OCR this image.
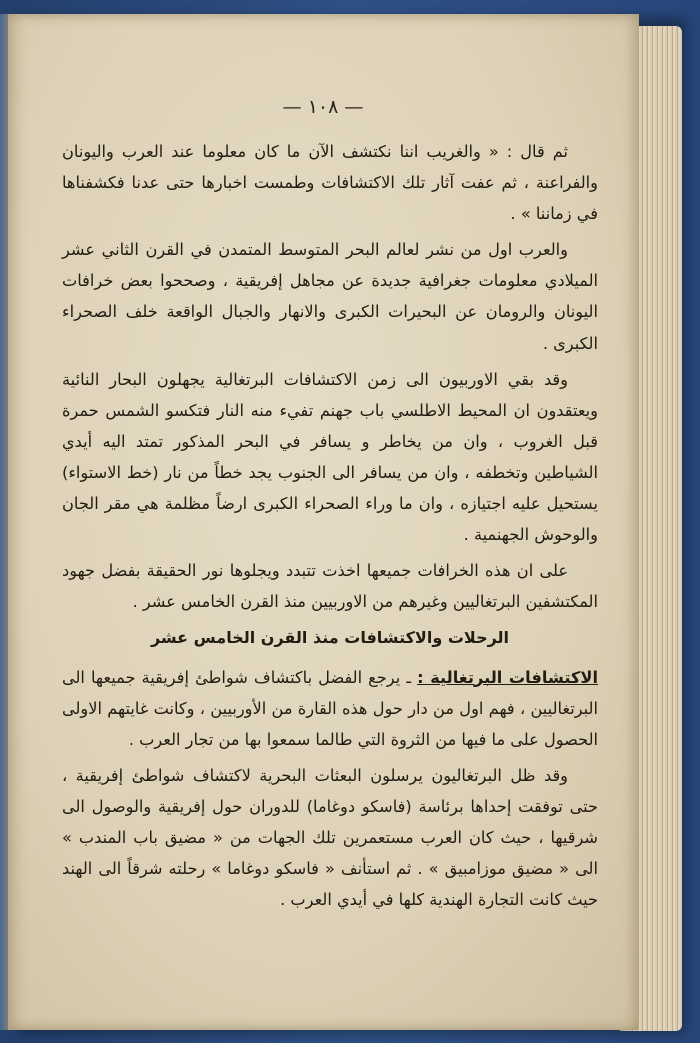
— ١٠٨ —

ثم قال : « والغريب اننا نكتشف الآن ما كان معلوما عند العرب واليونان والفراعنة ، ثم عفت آثار تلك الاكتشافات وطمست اخبارها حتى عدنا فكشفناها في زماننا » .

والعرب اول من نشر لعالم البحر المتوسط المتمدن في القرن الثاني عشر الميلادي معلومات جغرافية جديدة عن مجاهل إفريقية ، وصححوا بعض خرافات اليونان والرومان عن البحيرات الكبرى والانهار والجبال الواقعة خلف الصحراء الكبرى .

وقد بقي الاوربيون الى زمن الاكتشافات البرتغالية يجهلون البحار النائية ويعتقدون ان المحيط الاطلسي باب جهنم تفيء منه النار فتكسو الشمس حمرة قبل الغروب ، وان من يخاطر و يسافر في البحر المذكور تمتد اليه أيدي الشياطين وتخطفه ، وان من يسافر الى الجنوب يجد خطاً من نار (خط الاستواء) يستحيل عليه اجتيازه ، وان ما وراء الصحراء الكبرى ارضاً مظلمة هي مقر الجان والوحوش الجهنمية .

على ان هذه الخرافات جميعها اخذت تتبدد ويجلوها نور الحقيقة بفضل جهود المكتشفين البرتغاليين وغيرهم من الاوربيين منذ القرن الخامس عشر .

الرحلات والاكتشافات منذ القرن الخامس عشر

الاكتشافات البرتغالية : ـ يرجع الفضل باكتشاف شواطئ إفريقية جميعها الى البرتغاليين ، فهم اول من دار حول هذه القارة من الأوربيين ، وكانت غايتهم الاولى الحصول على ما فيها من الثروة التي طالما سمعوا بها من تجار العرب .

وقد ظل البرتغاليون يرسلون البعثات البحرية لاكتشاف شواطئ إفريقية ، حتى توفقت إحداها برئاسة (فاسكو دوغاما) للدوران حول إفريقية والوصول الى شرقيها ، حيث كان العرب مستعمرين تلك الجهات من « مضيق باب المندب » الى « مضيق موزامبيق » . ثم استأنف « فاسكو دوغاما » رحلته شرقاً الى الهند حيث كانت التجارة الهندية كلها في أيدي العرب .
